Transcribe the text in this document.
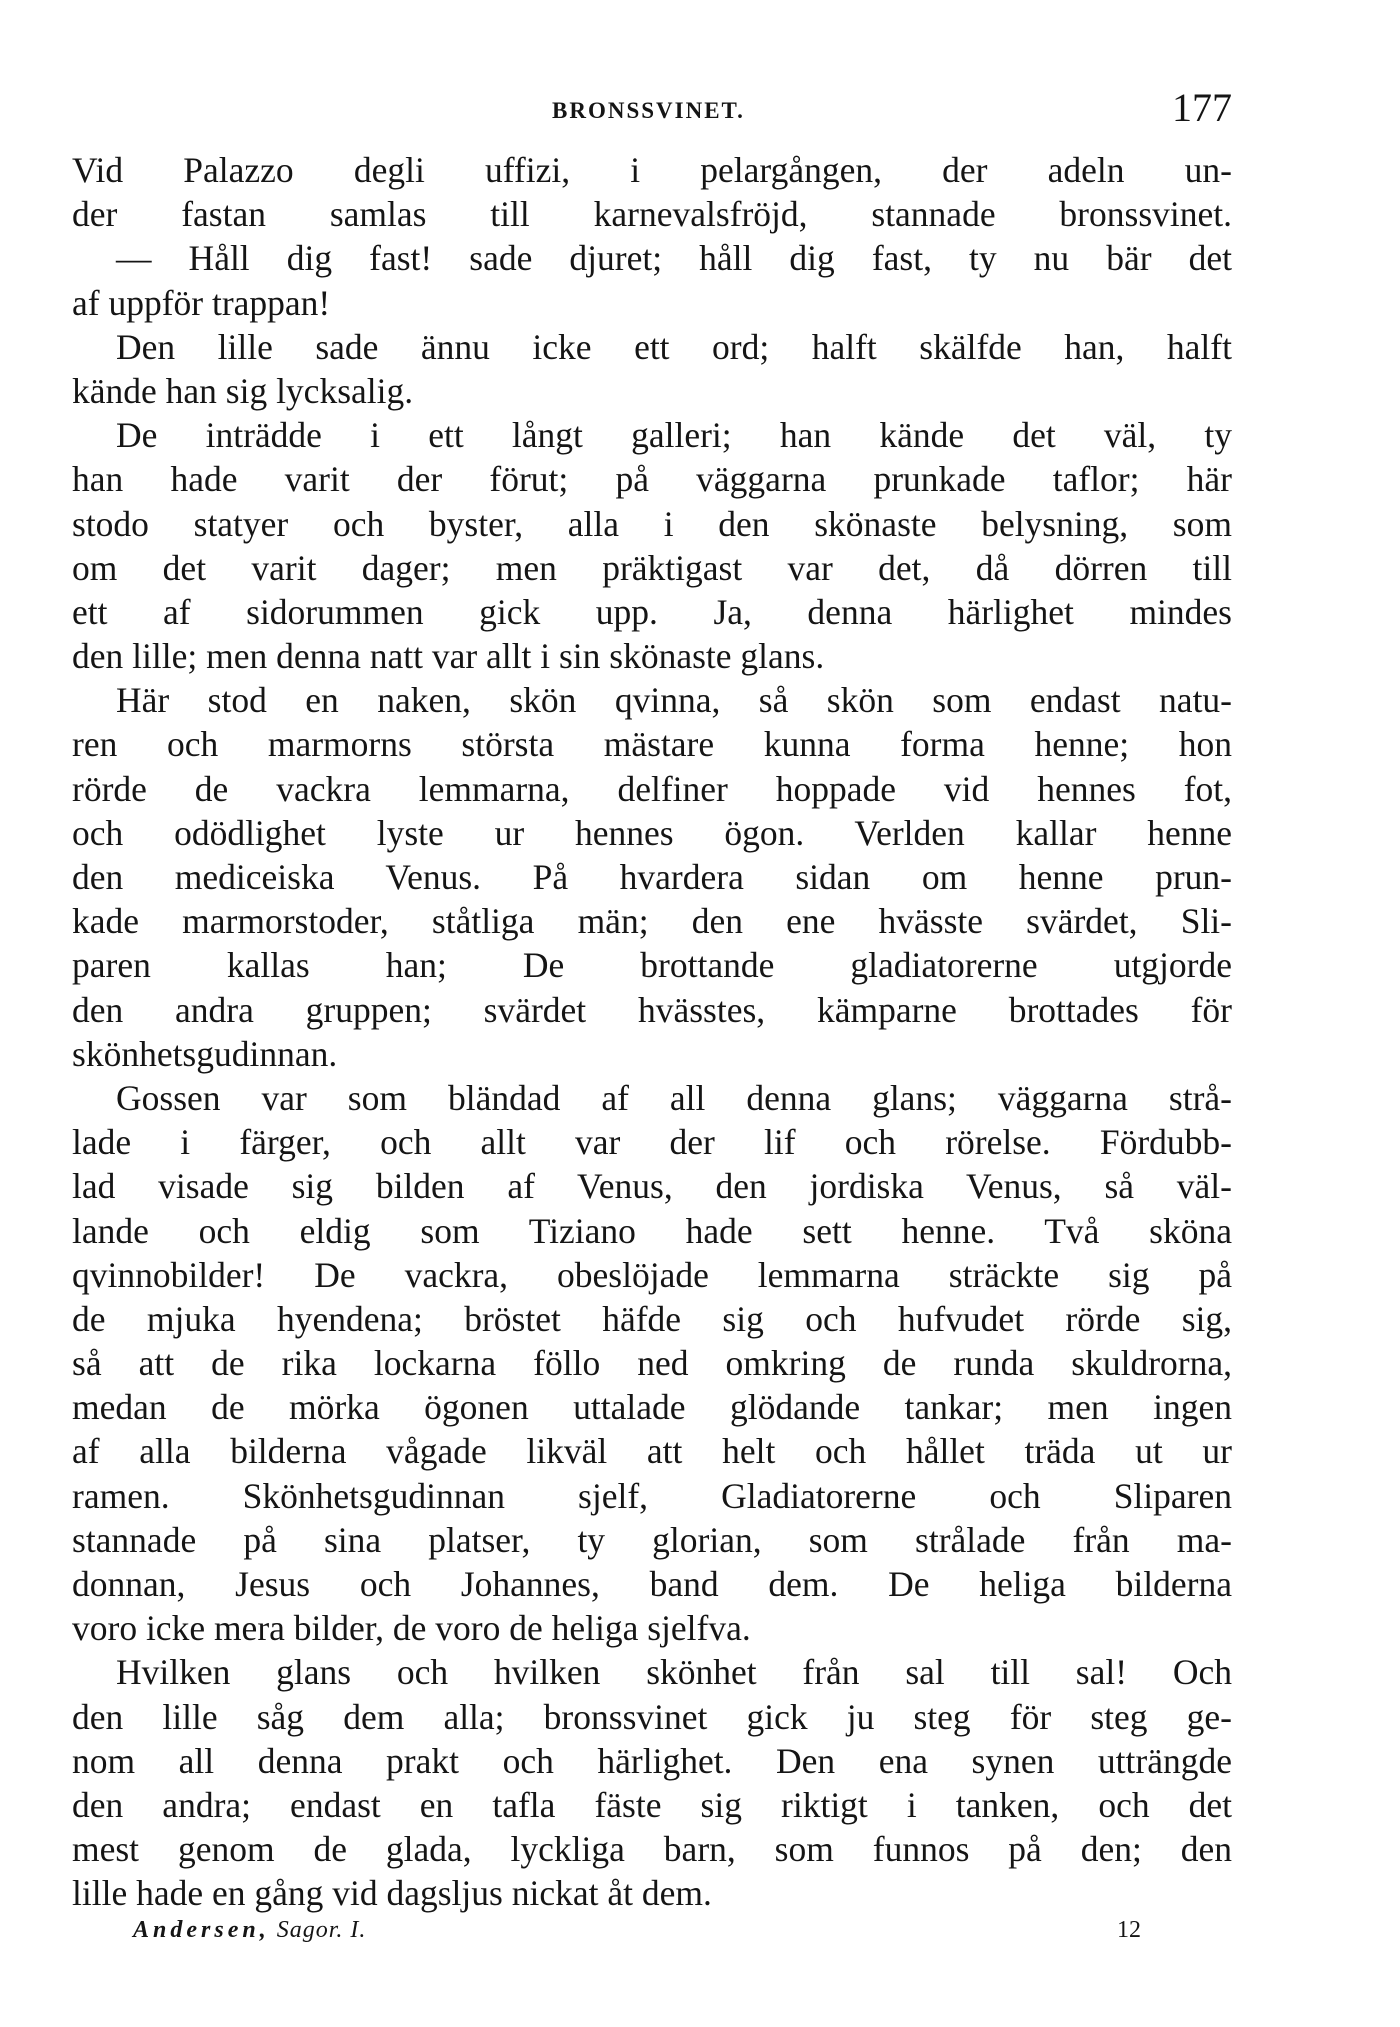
BRONSSVINET.	177
Vid Palazzo degli uffizi, i pelargången, der adeln un-
der fastan samlas till karnevalsfröjd, stannade bronssvinet.
— Håll dig fast! sade djuret; håll dig fast, ty nu bär det
af uppför trappan!
Den lille sade ännu icke ett ord; halft skälfde han, halft
kände han sig lycksalig.
De inträdde i ett långt galleri; han kände det väl, ty
han hade varit der förut; på väggarna prunkade taflor; här
stodo statyer och byster, alla i den skönaste belysning, som
om det varit dager; men präktigast var det, då dörren till
ett af sidorummen gick upp. Ja, denna härlighet mindes
den lille; men denna natt var allt i sin skönaste glans.
Här stod en naken, skön qvinna, så skön som endast natu-
ren och marmorns största mästare kunna forma henne; hon
rörde de vackra lemmarna, delfiner hoppade vid hennes fot,
och odödlighet lyste ur hennes ögon. Verlden kallar henne
den mediceiska Venus. På hvardera sidan om henne prun-
kade marmorstoder, ståtliga män; den ene hvässte svärdet, Sli-
paren kallas han; De brottande gladiatorerne utgjorde
den andra gruppen; svärdet hvässtes, kämparne brottades för
skönhetsgudinnan.
Gossen var som bländad af all denna glans; väggarna strå-
lade i färger, och allt var der lif och rörelse. Fördubb-
lad visade sig bilden af Venus, den jordiska Venus, så väl-
lande och eldig som Tiziano hade sett henne. Två sköna
qvinnobilder! De vackra, obeslöjade lemmarna sträckte sig på
de mjuka hyendena; bröstet häfde sig och hufvudet rörde sig,
så att de rika lockarna föllo ned omkring de runda skuldrorna,
medan de mörka ögonen uttalade glödande tankar; men ingen
af alla bilderna vågade likväl att helt och hållet träda ut ur
ramen. Skönhetsgudinnan sjelf, Gladiatorerne och Sliparen
stannade på sina platser, ty glorian, som strålade från ma-
donnan, Jesus och Johannes, band dem. De heliga bilderna
voro icke mera bilder, de voro de heliga sjelfva.
Hvilken glans och hvilken skönhet från sal till sal! Och
den lille såg dem alla; bronssvinet gick ju steg för steg ge-
nom all denna prakt och härlighet. Den ena synen utträngde
den andra; endast en tafla fäste sig riktigt i tanken, och det
mest genom de glada, lyckliga barn, som funnos på den; den
lille hade en gång vid dagsljus nickat åt dem.
Andersen, Sagor. I.	12
